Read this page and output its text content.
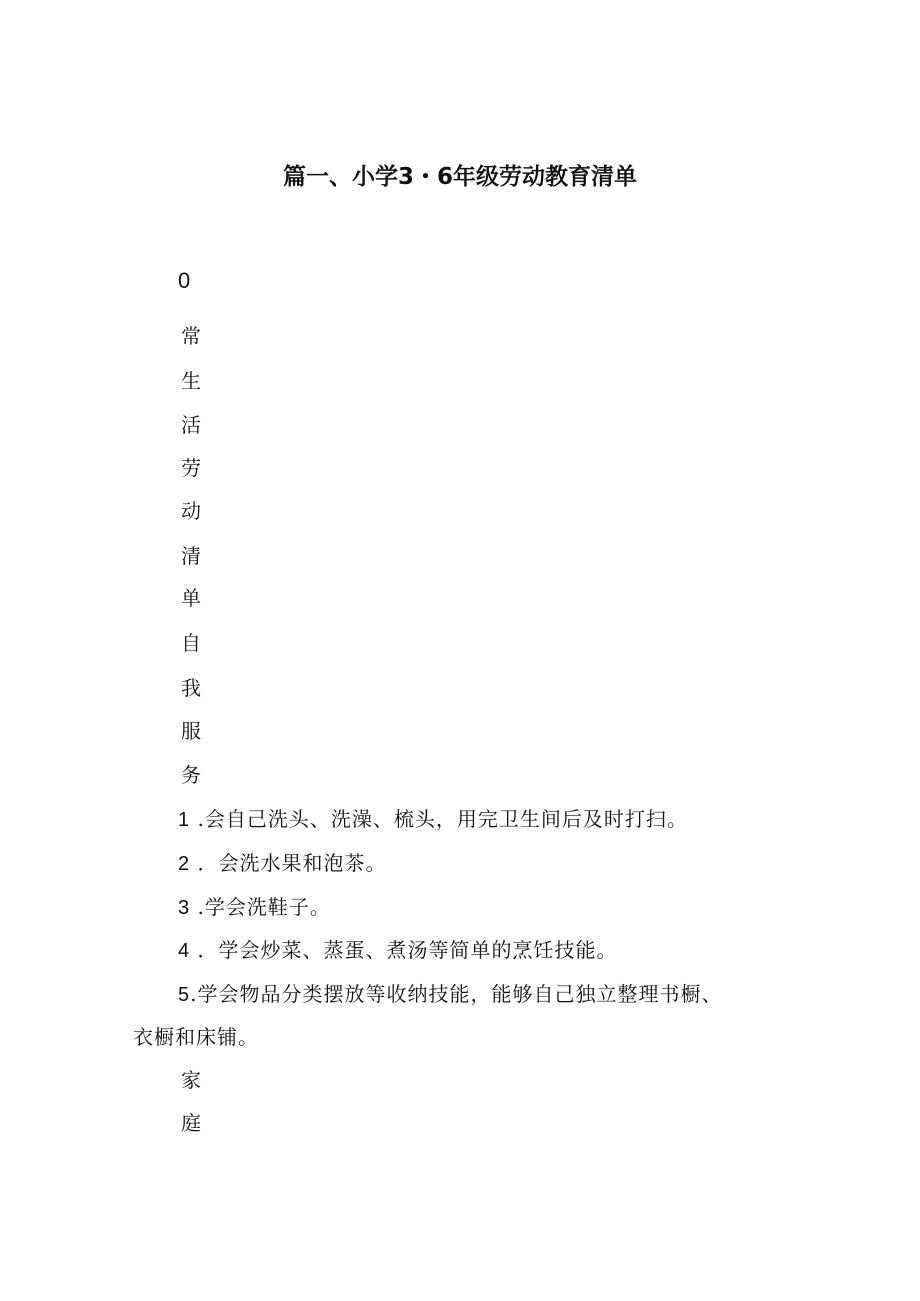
篇一、小学3・6年级劳动教育清单
0
常
生
活
劳
动
清
单
自
我
服
务
1 .会自己洗头、洗澡、梳头，用完卫生间后及时打扫。
2 ．会洗水果和泡茶。
3 .学会洗鞋子。
4 ．学会炒菜、蒸蛋、煮汤等简单的烹饪技能。
5.学会物品分类摆放等收纳技能，能够自己独立整理书橱、
衣橱和床铺。
家
庭
